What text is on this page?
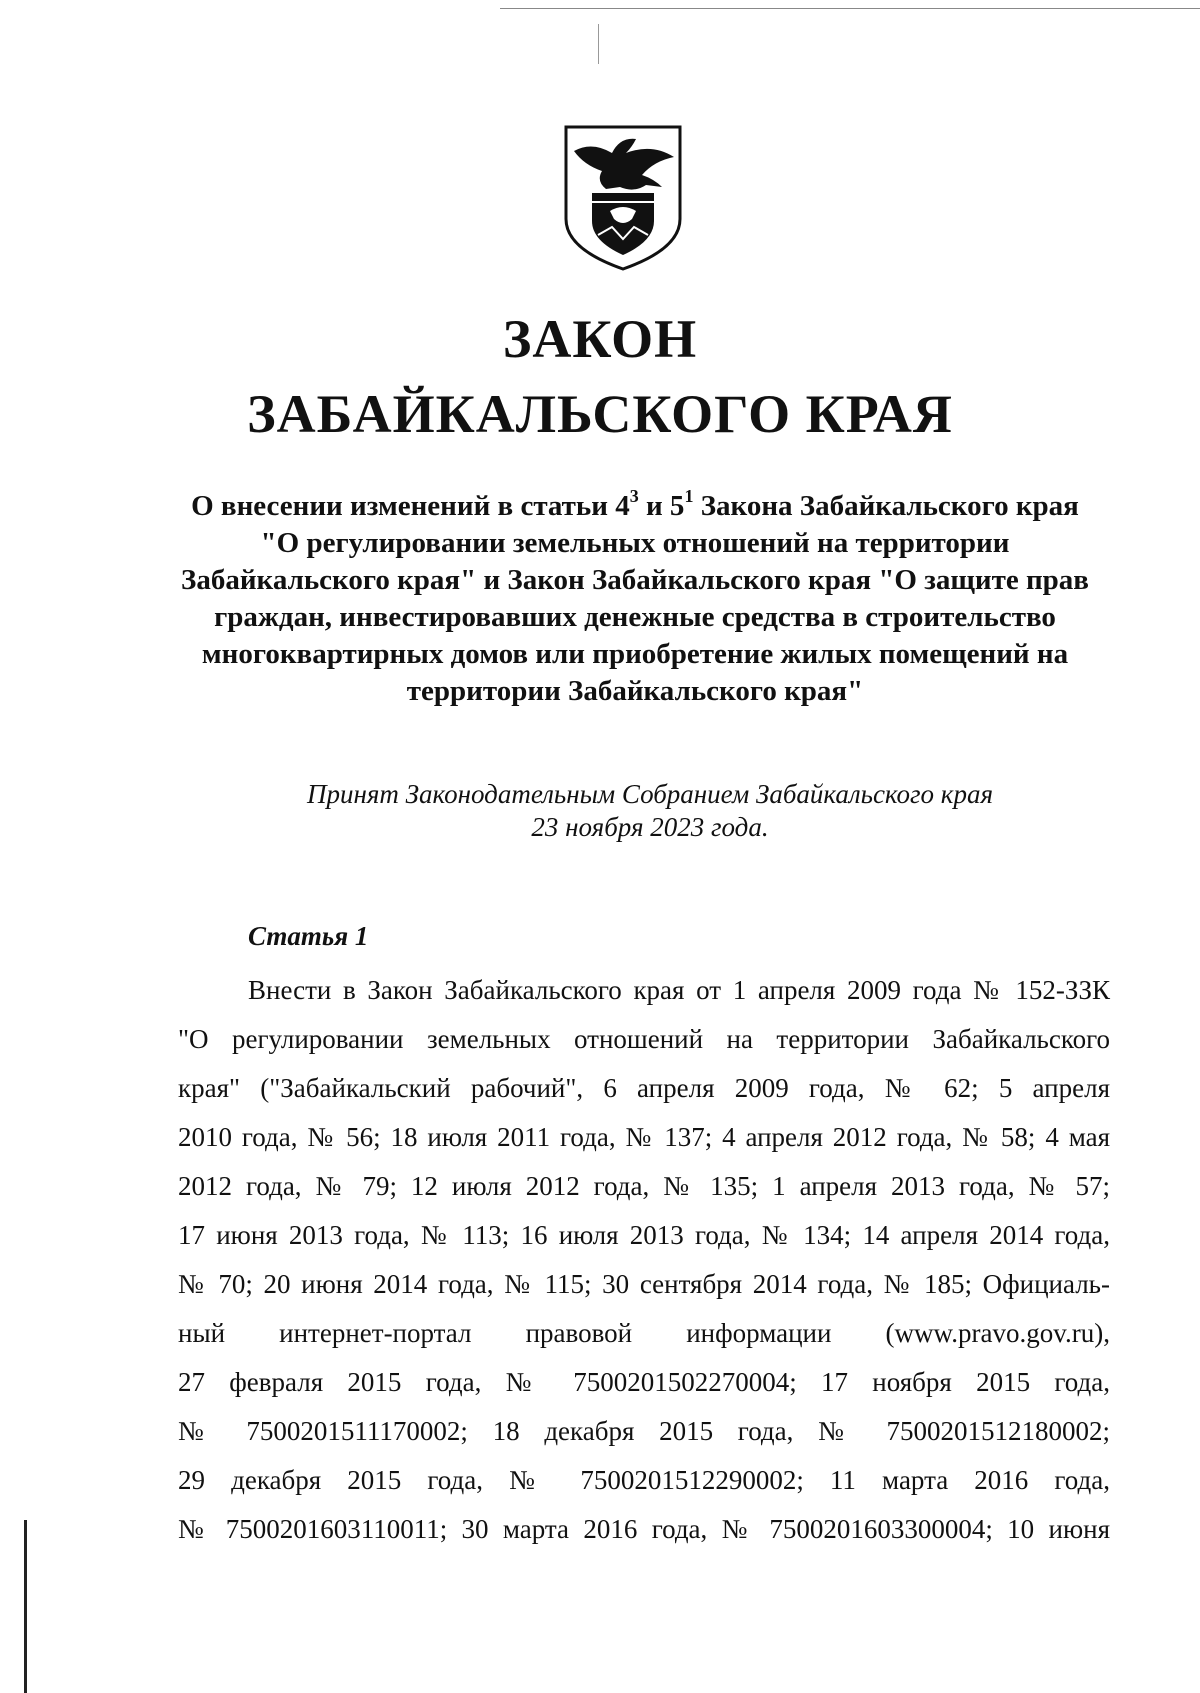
ЗАКОН
ЗАБАЙКАЛЬСКОГО КРАЯ

О внесении изменений в статьи $4^3$ и $5^1$ Закона Забайкальского края "О регулировании земельных отношений на территории Забайкальского края" и Закон Забайкальского края "О защите прав граждан, инвестировавших денежные средства в строительство многоквартирных домов или приобретение жилых помещений на территории Забайкальского края"

Принят Законодательным Собранием Забайкальского края
23 ноября 2023 года.

Статья 1
Внести в Закон Забайкальского края от 1 апреля 2009 года № 152-ЗЗК
"О регулировании земельных отношений на территории Забайкальского
края" ("Забайкальский рабочий", 6 апреля 2009 года, № 62; 5 апреля
2010 года, № 56; 18 июля 2011 года, № 137; 4 апреля 2012 года, № 58; 4 мая
2012 года, № 79; 12 июля 2012 года, № 135; 1 апреля 2013 года, № 57;
17 июня 2013 года, № 113; 16 июля 2013 года, № 134; 14 апреля 2014 года,
№ 70; 20 июня 2014 года, № 115; 30 сентября 2014 года, № 185; Официаль-
ный интернет-портал правовой информации (www.pravo.gov.ru),
27 февраля 2015 года, № 7500201502270004; 17 ноября 2015 года,
№ 7500201511170002; 18 декабря 2015 года, № 7500201512180002;
29 декабря 2015 года, № 7500201512290002; 11 марта 2016 года,
№ 7500201603110011; 30 марта 2016 года, № 7500201603300004; 10 июня
